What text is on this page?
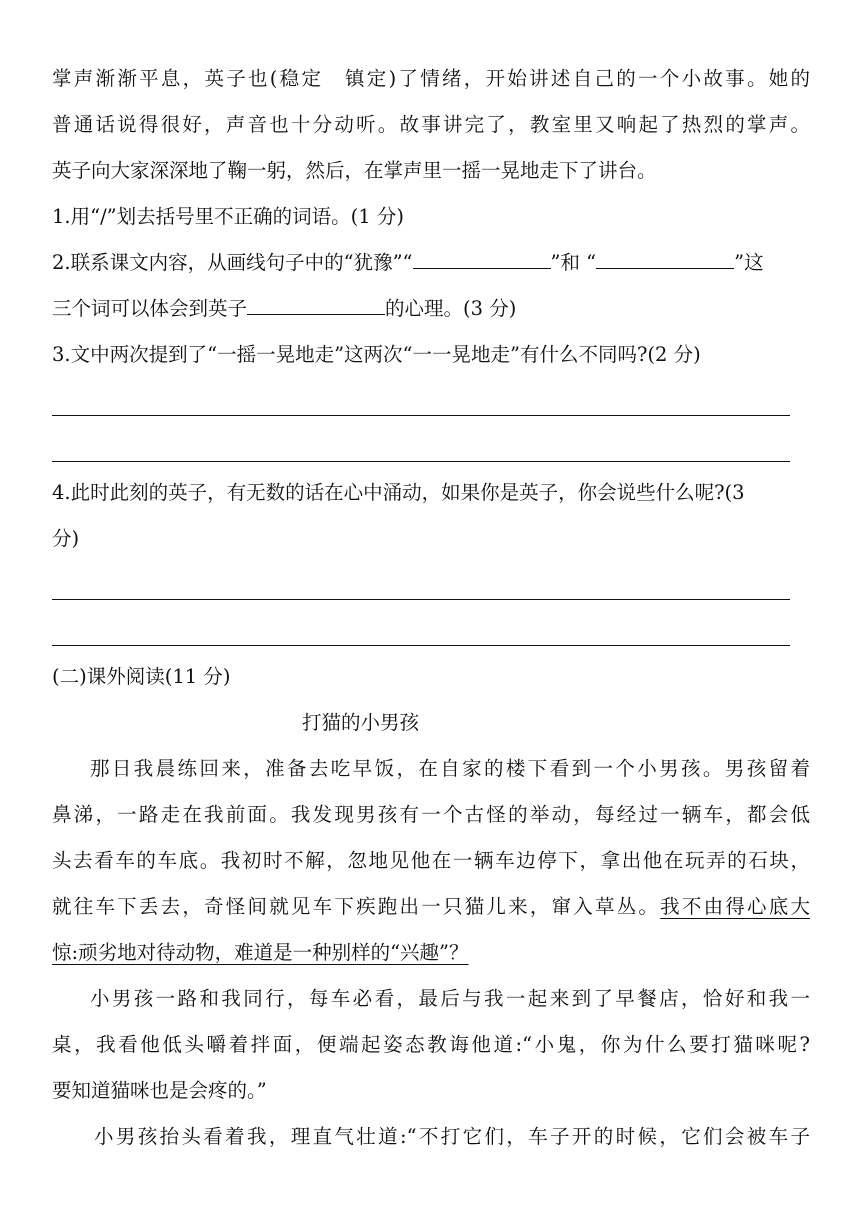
掌声渐渐平息，英子也(稳定　镇定)了情绪，开始讲述自己的一个小故事。她的
普通话说得很好，声音也十分动听。故事讲完了，教室里又响起了热烈的掌声。
英子向大家深深地了鞠一躬，然后，在掌声里一摇一晃地走下了讲台。
1.用“/”划去括号里不正确的词语。(1 分)
2.联系课文内容，从画线句子中的“犹豫”“	”和 “	”这
三个词可以体会到英子	的心理。(3 分)
3.文中两次提到了“一摇一晃地走”这两次“一一晃地走”有什么不同吗?(2 分)
4.此时此刻的英子，有无数的话在心中涌动，如果你是英子，你会说些什么呢?(3
分)
(二)课外阅读(11 分)
打猫的小男孩
那日我晨练回来，准备去吃早饭，在自家的楼下看到一个小男孩。男孩留着
鼻涕，一路走在我前面。我发现男孩有一个古怪的举动，每经过一辆车，都会低
头去看车的车底。我初时不解，忽地见他在一辆车边停下，拿出他在玩弄的石块，
就往车下丢去，奇怪间就见车下疾跑出一只猫儿来，窜入草丛。我不由得心底大
惊:顽劣地对待动物，难道是一种别样的“兴趣”？
小男孩一路和我同行，每车必看，最后与我一起来到了早餐店，恰好和我一
桌，我看他低头嚼着拌面，便端起姿态教诲他道:“小鬼，你为什么要打猫咪呢?
要知道猫咪也是会疼的。”
小男孩抬头看着我，理直气壮道:“不打它们，车子开的时候，它们会被车子
